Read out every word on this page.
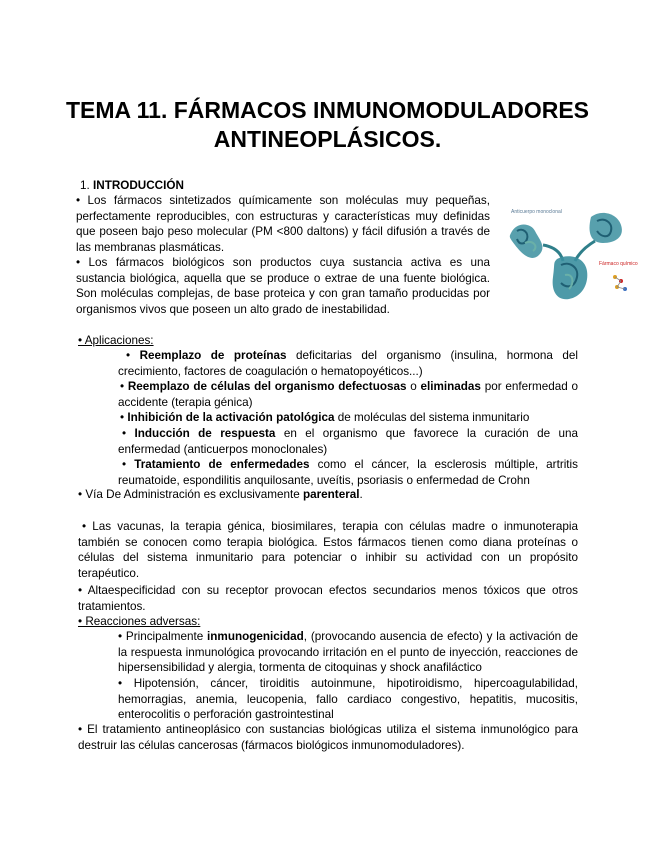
TEMA 11. FÁRMACOS INMUNOMODULADORES
ANTINEOPLÁSICOS.
1. INTRODUCCIÓN

• Los fármacos sintetizados químicamente son moléculas muy pequeñas, perfectamente reproducibles, con estructuras y características muy definidas que poseen bajo peso molecular (PM <800 daltons) y fácil difusión a través de las membranas plasmáticas.

• Los fármacos biológicos son productos cuya sustancia activa es una sustancia biológica, aquella que se produce o extrae de una fuente biológica. Son moléculas complejas, de base proteica y con gran tamaño producidas por organismos vivos que poseen un alto grado de inestabilidad.

Anticuerpo monoclonal
Fármaco químico
• Aplicaciones:

• Reemplazo de proteínas deficitarias del organismo (insulina, hormona del crecimiento, factores de coagulación o hematopoyéticos...)

• Reemplazo de células del organismo defectuosas o eliminadas por enfermedad o accidente (terapia génica)

• Inhibición de la activación patológica de moléculas del sistema inmunitario

• Inducción de respuesta en el organismo que favorece la curación de una enfermedad (anticuerpos monoclonales)

• Tratamiento de enfermedades como el cáncer, la esclerosis múltiple, artritis reumatoide, espondilitis anquilosante, uveítis, psoriasis o enfermedad de Crohn

• Vía De Administración es exclusivamente parenteral.

• Las vacunas, la terapia génica, biosimilares, terapia con células madre o inmunoterapia también se conocen como terapia biológica. Estos fármacos tienen como diana proteínas o células del sistema inmunitario para potenciar o inhibir su actividad con un propósito terapéutico.

• Altaespecificidad con su receptor provocan efectos secundarios menos tóxicos que otros tratamientos.

• Reacciones adversas:

• Principalmente inmunogenicidad, (provocando ausencia de efecto) y la activación de la respuesta inmunológica provocando irritación en el punto de inyección, reacciones de hipersensibilidad y alergia, tormenta de citoquinas y shock anafiláctico

• Hipotensión, cáncer, tiroiditis autoinmune, hipotiroidismo, hipercoagulabilidad, hemorragias, anemia, leucopenia, fallo cardiaco congestivo, hepatitis, mucositis, enterocolitis o perforación gastrointestinal

• El tratamiento antineoplásico con sustancias biológicas utiliza el sistema inmunológico para destruir las células cancerosas (fármacos biológicos inmunomoduladores).
